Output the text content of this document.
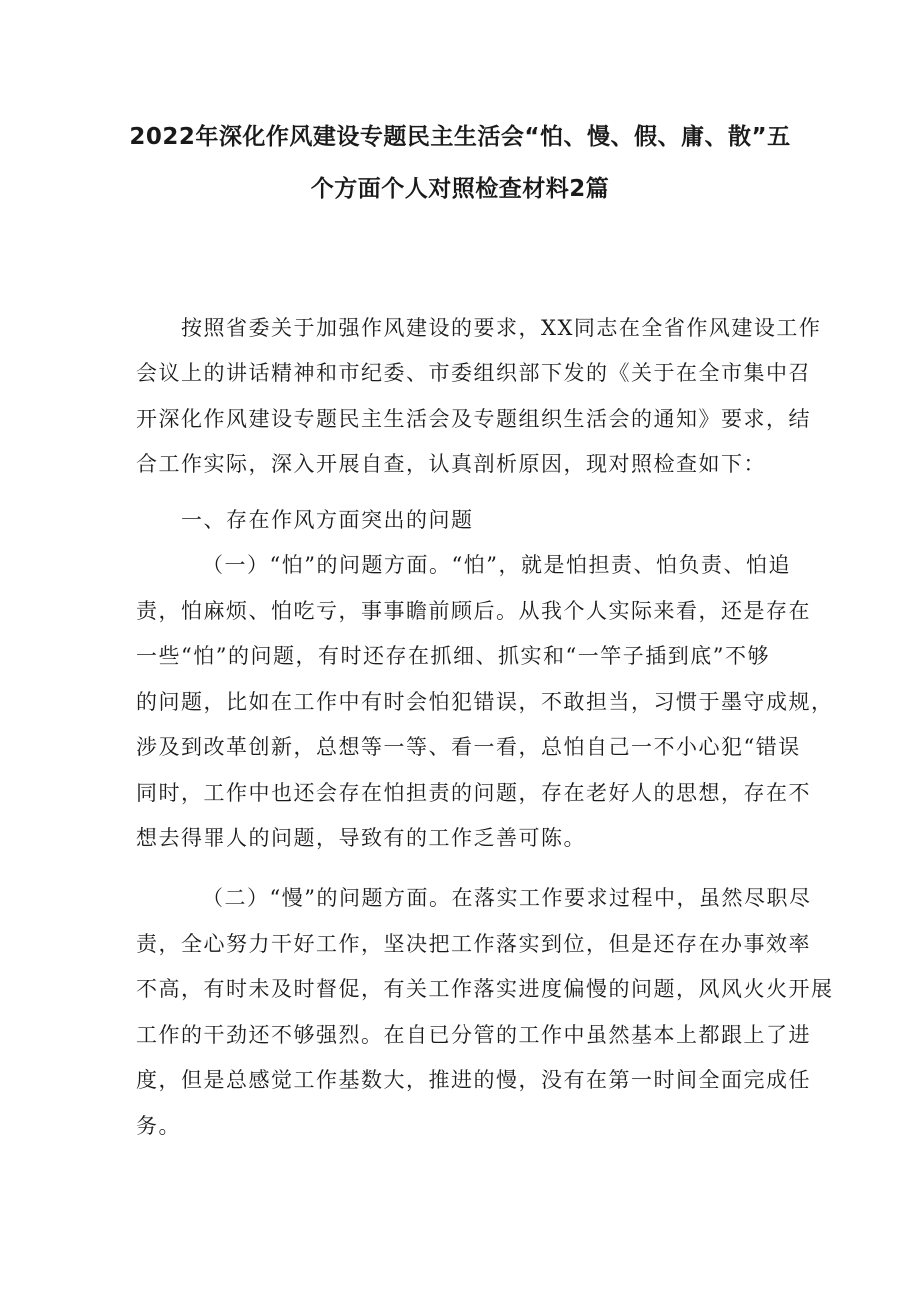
2022年深化作风建设专题民主生活会“怕、慢、假、庸、散”五
个方面个人对照检查材料2篇
按照省委关于加强作风建设的要求，XX同志在全省作风建设工作
会议上的讲话精神和市纪委、市委组织部下发的《关于在全市集中召
开深化作风建设专题民主生活会及专题组织生活会的通知》要求，结
合工作实际，深入开展自查，认真剖析原因，现对照检查如下：
一、存在作风方面突出的问题
（一）“怕”的问题方面。“怕”，就是怕担责、怕负责、怕追
责，怕麻烦、怕吃亏，事事瞻前顾后。从我个人实际来看，还是存在
一些“怕”的问题，有时还存在抓细、抓实和“一竿子插到底”不够
的问题，比如在工作中有时会怕犯错误，不敢担当，习惯于墨守成规，
涉及到改革创新，总想等一等、看一看，总怕自己一不小心犯“错误
同时，工作中也还会存在怕担责的问题，存在老好人的思想，存在不
想去得罪人的问题，导致有的工作乏善可陈。
（二）“慢”的问题方面。在落实工作要求过程中，虽然尽职尽
责，全心努力干好工作，坚决把工作落实到位，但是还存在办事效率
不高，有时未及时督促，有关工作落实进度偏慢的问题，风风火火开展
工作的干劲还不够强烈。在自已分管的工作中虽然基本上都跟上了进
度，但是总感觉工作基数大，推进的慢，没有在第一时间全面完成任
务。
